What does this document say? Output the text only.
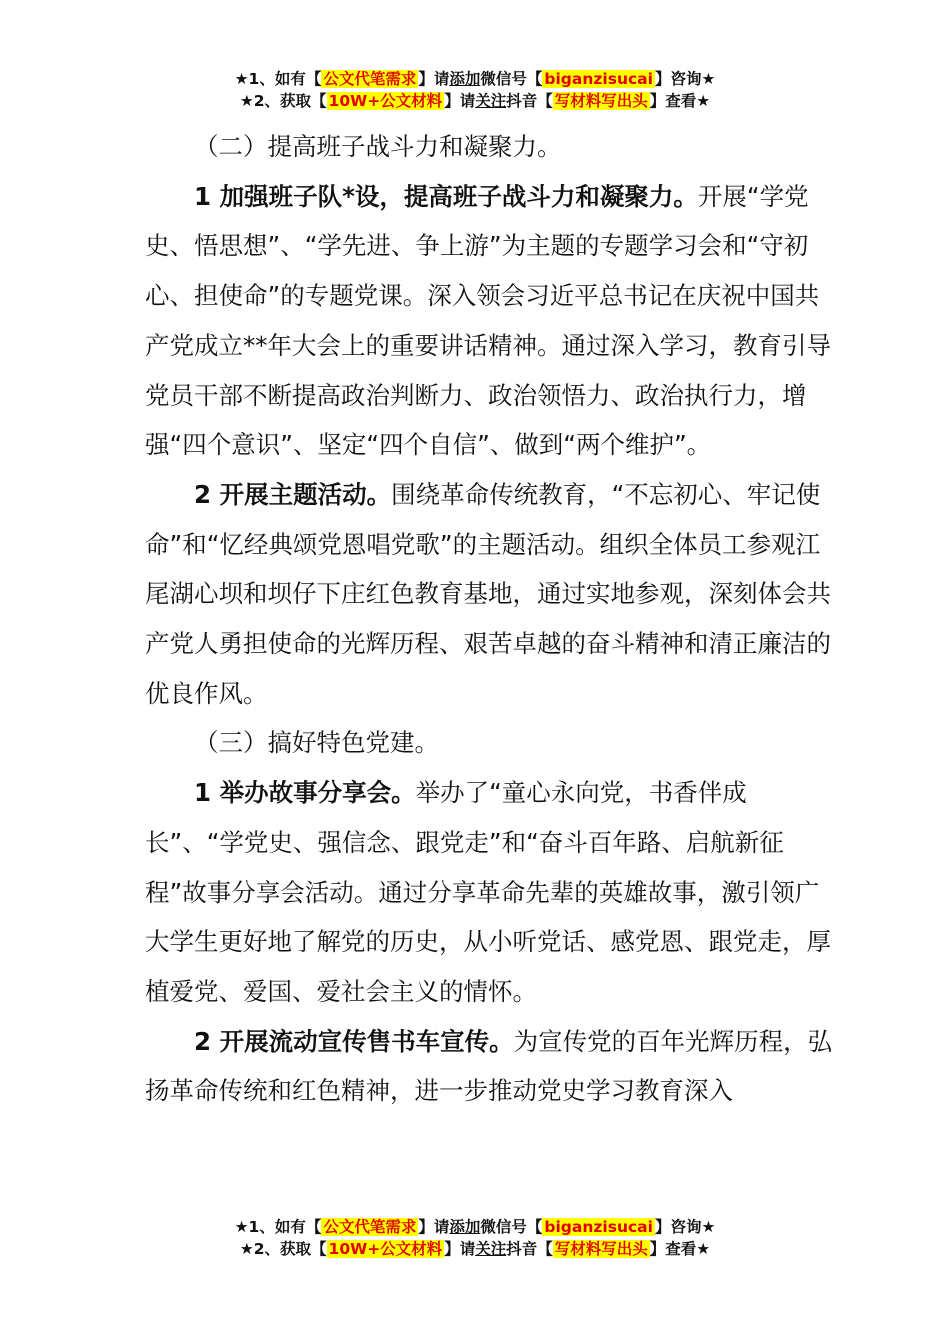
★1、如有【 公文代笔需求 】请添加微信号【 biganzisucai 】咨询★
★2、获取【 10W+公文材料 】请关注抖音【 写材料写出头 】查看★

（二）提高班子战斗力和凝聚力。

1 加强班子队*设，提高班子战斗力和凝聚力。开展“学党史、悟思想”、“学先进、争上游”为主题的专题学习会和“守初心、担使命”的专题党课。深入领会习近平总书记在庆祝中国共产党成立**年大会上的重要讲话精神。通过深入学习，教育引导党员干部不断提高政治判断力、政治领悟力、政治执行力，增强“四个意识”、坚定“四个自信”、做到“两个维护”。

2 开展主题活动。围绕革命传统教育，“不忘初心、牢记使命”和“忆经典颂党恩唱党歌”的主题活动。组织全体员工参观江尾湖心坝和坝仔下庄红色教育基地，通过实地参观，深刻体会共产党人勇担使命的光辉历程、艰苦卓越的奋斗精神和清正廉洁的优良作风。

（三）搞好特色党建。

1 举办故事分享会。举办了“童心永向党，书香伴成长”、“学党史、强信念、跟党走”和“奋斗百年路、启航新征程”故事分享会活动。通过分享革命先辈的英雄故事，激引领广大学生更好地了解党的历史，从小听党话、感党恩、跟党走，厚植爱党、爱国、爱社会主义的情怀。

2 开展流动宣传售书车宣传。为宣传党的百年光辉历程，弘扬革命传统和红色精神，进一步推动党史学习教育深入

★1、如有【 公文代笔需求 】请添加微信号【 biganzisucai 】咨询★
★2、获取【 10W+公文材料 】请关注抖音【 写材料写出头 】查看★
